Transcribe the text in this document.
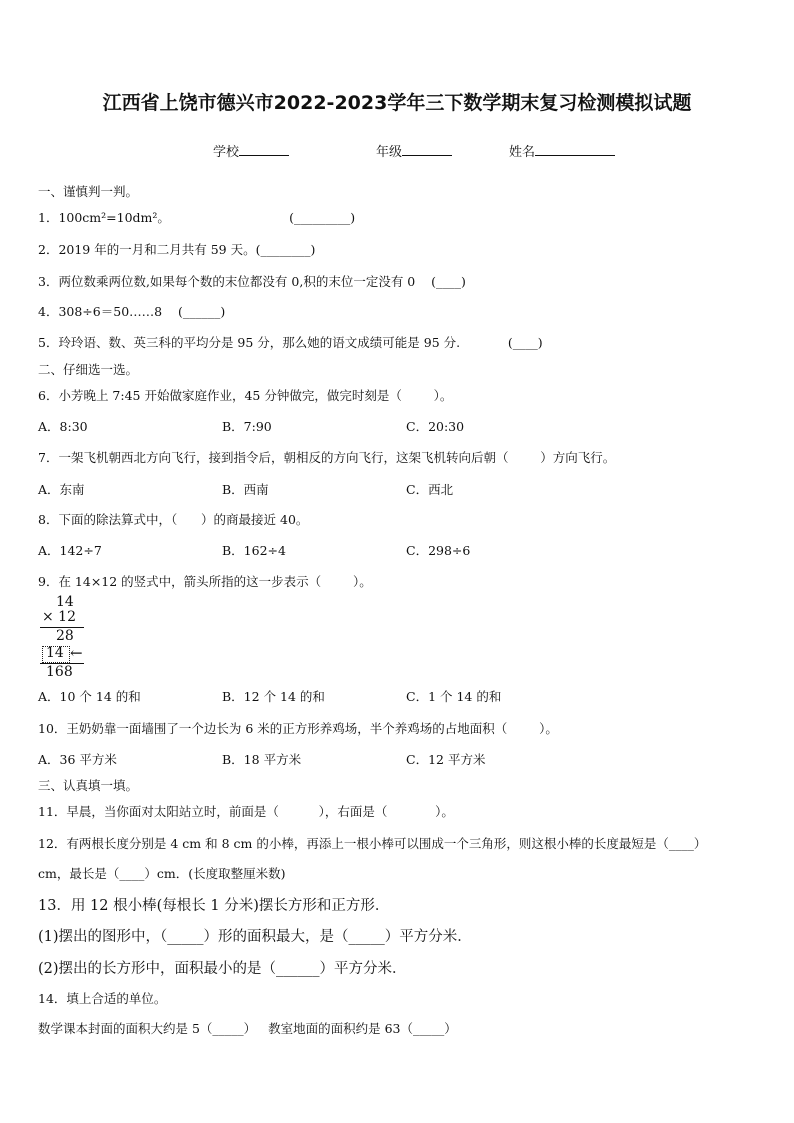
江西省上饶市德兴市2022-2023学年三下数学期末复习检测模拟试题
学校	年级	姓名
一、谨慎判一判。
1．100cm²=10dm²。                              (_________)
2．2019 年的一月和二月共有 59 天。(________)
3．两位数乘两位数,如果每个数的末位都没有 0,积的末位一定没有 0    (____)
4．308÷6＝50……8    (______)
5．玲玲语、数、英三科的平均分是 95 分，那么她的语文成绩可能是 95 分.            (____)
二、仔细选一选。
6．小芳晚上 7:45 开始做家庭作业，45 分钟做完，做完时刻是（        ）。
A．8:30	B．7:90	C．20:30
7．一架飞机朝西北方向飞行，接到指令后，朝相反的方向飞行，这架飞机转向后朝（        ）方向飞行。
A．东南	B．西南	C．西北
8．下面的除法算式中，（      ）的商最接近 40。
A．142÷7	B．162÷4	C．298÷6
9．在 14×12 的竖式中，箭头所指的这一步表示（        ）。
14
× 12
28
14 ←
168
A．10 个 14 的和	B．12 个 14 的和	C．1 个 14 的和
10．王奶奶靠一面墙围了一个边长为 6 米的正方形养鸡场，半个养鸡场的占地面积（        ）。
A．36 平方米	B．18 平方米	C．12 平方米
三、认真填一填。
11．早晨，当你面对太阳站立时，前面是（          ），右面是（            ）。
12．有两根长度分别是 4 cm 和 8 cm 的小棒，再添上一根小棒可以围成一个三角形，则这根小棒的长度最短是（____）
cm，最长是（____）cm．(长度取整厘米数)
13．用 12 根小棒(每根长 1 分米)摆长方形和正方形．
(1)摆出的图形中，（_____）形的面积最大，是（_____）平方分米．
(2)摆出的长方形中，面积最小的是（______）平方分米．
14．填上合适的单位。
数学课本封面的面积大约是 5（_____）   教室地面的面积约是 63（_____）
